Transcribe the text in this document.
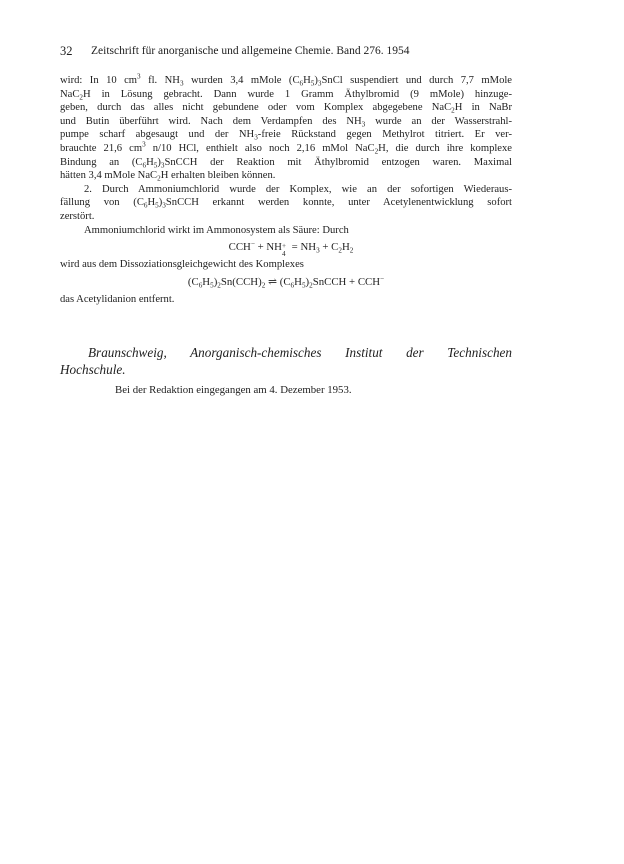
32 Zeitschrift für anorganische und allgemeine Chemie. Band 276. 1954
wird: In 10 $cm^3$ fl. $NH_3$ wurden 3,4 mMole $(C_6H_5)_3SnCl$ suspendiert und durch 7,7 mMole
NaC$_2$H in Lösung gebracht. Dann wurde 1 Gramm Äthylbromid (9 mMole) hinzuge-
geben, durch das alles nicht gebundene oder vom Komplex abgegebene NaC$_2$H in NaBr
und Butin überführt wird. Nach dem Verdampfen des $NH_3$ wurde an der Wasserstrahl-
pumpe scharf abgesaugt und der $NH_3$-freie Rückstand gegen Methylrot titriert. Er ver-
brauchte 21,6 $cm^3$ n/10 HCl, enthielt also noch 2,16 mMol NaC$_2$H, die durch ihre komplexe
Bindung an $(C_6H_5)_3SnCCH$ der Reaktion mit Äthylbromid entzogen waren. Maximal
hätten 3,4 mMole NaC$_2$H erhalten bleiben können.
2. Durch Ammoniumchlorid wurde der Komplex, wie an der sofortigen Wiederaus-
fällung von $(C_6H_5)_3SnCCH$ erkannt werden konnte, unter Acetylenentwicklung sofort
zerstört.
Ammoniumchlorid wirkt im Ammonosystem als Säure: Durch
CCH− + NH +
4
= $NH_3 + C_2H_2$
wird aus dem Dissoziationsgleichgewicht des Komplexes
$(C_6H_5)_2Sn(CCH)_2$ ⇌ $(C_6H_5)_2SnCCH + CCH^-$
das Acetylidanion entfernt.
Braunschweig, Anorganisch-chemisches Institut der Technischen
Hochschule.
Bei der Redaktion eingegangen am 4. Dezember 1953.
